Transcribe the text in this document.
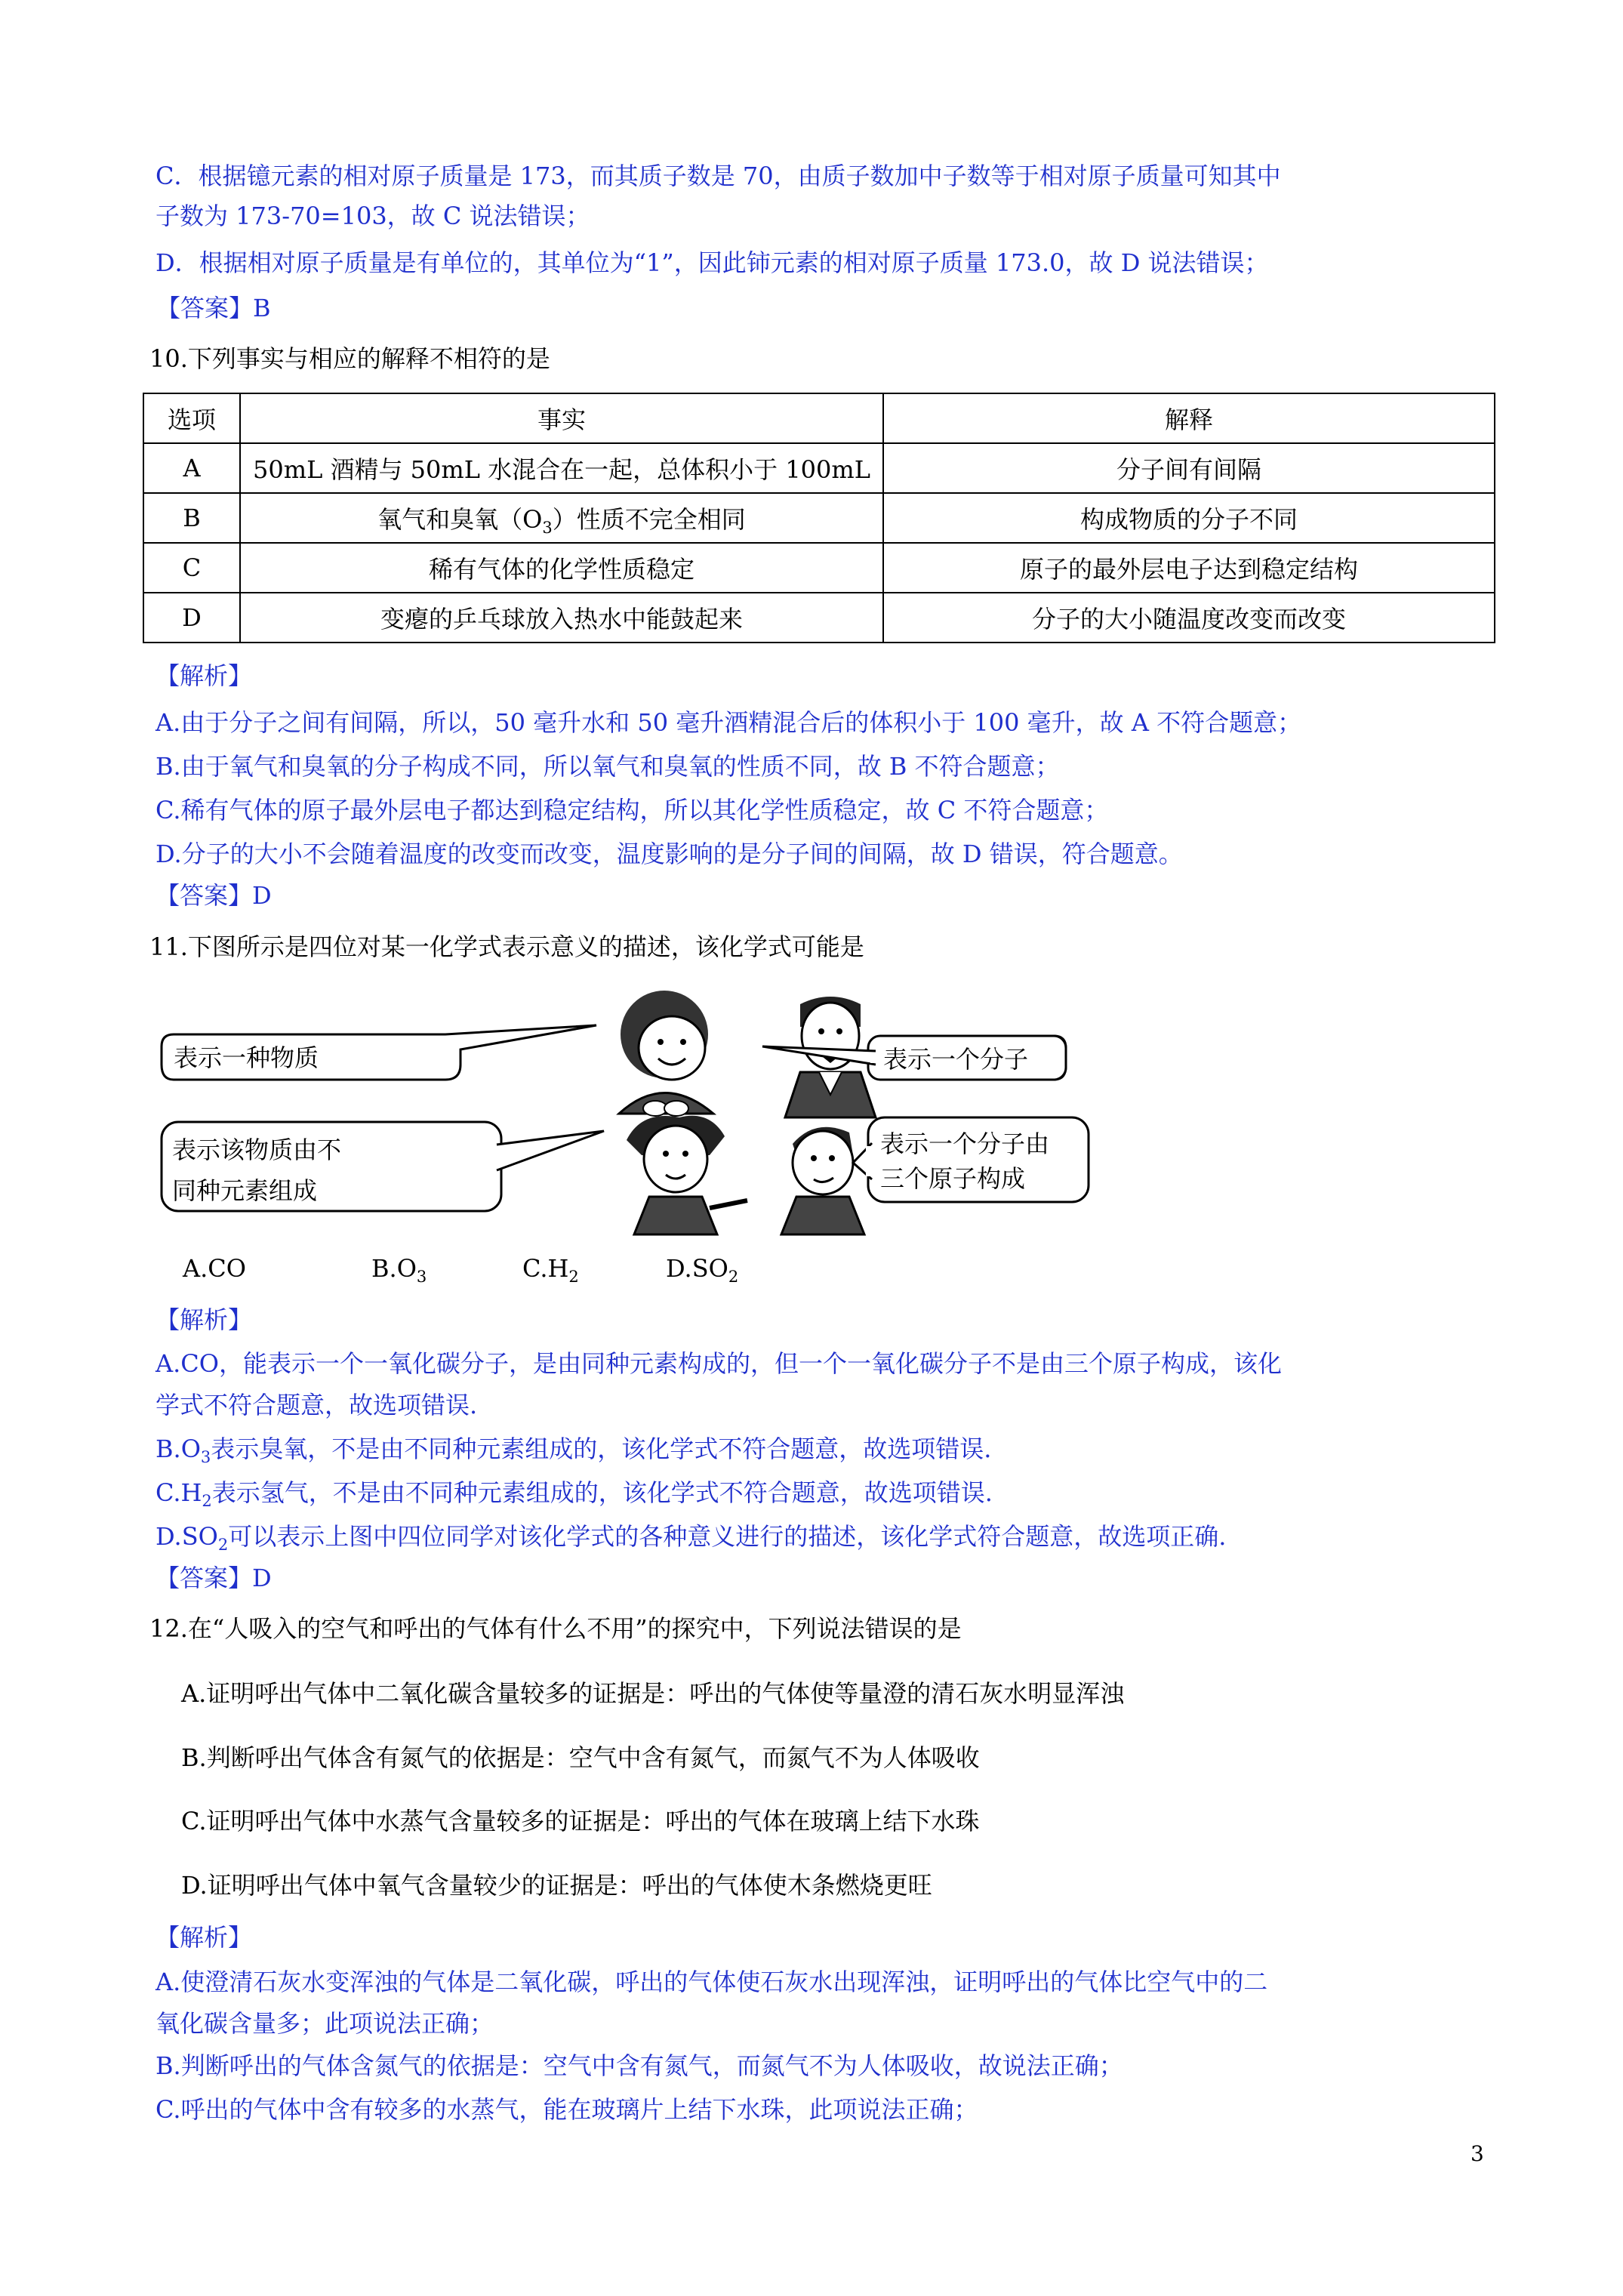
C．根据镱元素的相对原子质量是 173，而其质子数是 70，由质子数加中子数等于相对原子质量可知其中
子数为 173-70=103，故 C 说法错误；
D．根据相对原子质量是有单位的，其单位为“1”，因此铈元素的相对原子质量 173.0，故 D 说法错误；
【答案】B
10.下列事实与相应的解释不相符的是
选项	事实	解释
A	50mL 酒精与 50mL 水混合在一起，总体积小于 100mL	分子间有间隔
B	氧气和臭氧$(O_3)$性质不完全相同	构成物质的分子不同
C	稀有气体的化学性质稳定	原子的最外层电子达到稳定结构
D	变瘪的乒乓球放入热水中能鼓起来	分子的大小随温度改变而改变
【解析】
A.由于分子之间有间隔，所以，50 毫升水和 50 毫升酒精混合后的体积小于 100 毫升，故 A 不符合题意；
B.由于氧气和臭氧的分子构成不同，所以氧气和臭氧的性质不同，故 B 不符合题意；
C.稀有气体的原子最外层电子都达到稳定结构，所以其化学性质稳定，故 C 不符合题意；
D.分子的大小不会随着温度的改变而改变，温度影响的是分子间的间隔，故 D 错误，符合题意。
【答案】D
11.下图所示是四位对某一化学式表示意义的描述，该化学式可能是
表示一种物质	表示一个分子
表示该物质由不
同种元素组成
表示一个分子由
三个原子构成
A.CO	$B.O_3$	$C.H_2$	$D.SO_2$
【解析】
A.CO，能表示一个一氧化碳分子，是由同种元素构成的，但一个一氧化碳分子不是由三个原子构成，该化
学式不符合题意，故选项错误.
$B.O_3$表示臭氧，不是由不同种元素组成的，该化学式不符合题意，故选项错误.
$C.H_2$表示氢气，不是由不同种元素组成的，该化学式不符合题意，故选项错误.
$D.SO_2$可以表示上图中四位同学对该化学式的各种意义进行的描述，该化学式符合题意，故选项正确.
【答案】D
12.在“人吸入的空气和呼出的气体有什么不用”的探究中，下列说法错误的是
A.证明呼出气体中二氧化碳含量较多的证据是：呼出的气体使等量澄的清石灰水明显浑浊
B.判断呼出气体含有氮气的依据是：空气中含有氮气，而氮气不为人体吸收
C.证明呼出气体中水蒸气含量较多的证据是：呼出的气体在玻璃上结下水珠
D.证明呼出气体中氧气含量较少的证据是：呼出的气体使木条燃烧更旺
【解析】
A.使澄清石灰水变浑浊的气体是二氧化碳，呼出的气体使石灰水出现浑浊，证明呼出的气体比空气中的二
氧化碳含量多；此项说法正确；
B.判断呼出的气体含氮气的依据是：空气中含有氮气，而氮气不为人体吸收，故说法正确；
C.呼出的气体中含有较多的水蒸气，能在玻璃片上结下水珠，此项说法正确；
3
